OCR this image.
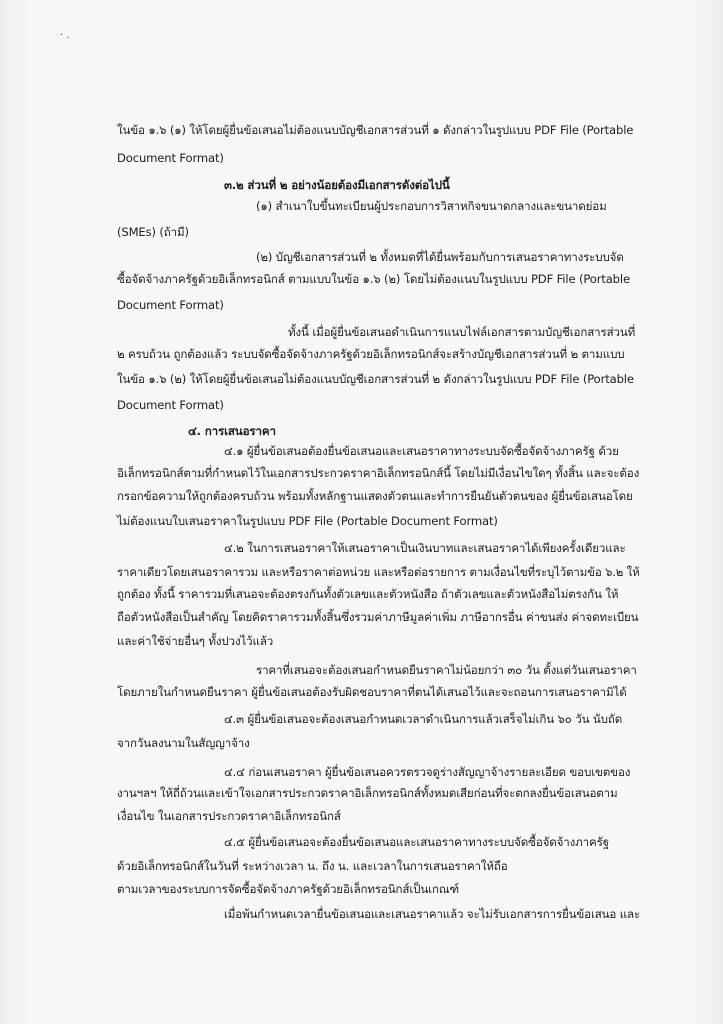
· .
ในข้อ ๑.๖ (๑) ให้โดยผู้ยื่นข้อเสนอไม่ต้องแนบบัญชีเอกสารส่วนที่ ๑ ดังกล่าวในรูปแบบ PDF File (Portable
Document Format)
๓.๒ ส่วนที่ ๒ อย่างน้อยต้องมีเอกสารดังต่อไปนี้
(๑) สำเนาใบขึ้นทะเบียนผู้ประกอบการวิสาหกิจขนาดกลางและขนาดย่อม
(SMEs) (ถ้ามี)
(๒) บัญชีเอกสารส่วนที่ ๒ ทั้งหมดที่ได้ยื่นพร้อมกับการเสนอราคาทางระบบจัด
ซื้อจัดจ้างภาครัฐด้วยอิเล็กทรอนิกส์ ตามแบบในข้อ ๑.๖ (๒) โดยไม่ต้องแนบในรูปแบบ PDF File (Portable
Document Format)
ทั้งนี้ เมื่อผู้ยื่นข้อเสนอดำเนินการแนบไฟล์เอกสารตามบัญชีเอกสารส่วนที่
๒ ครบถ้วน ถูกต้องแล้ว ระบบจัดซื้อจัดจ้างภาครัฐด้วยอิเล็กทรอนิกส์จะสร้างบัญชีเอกสารส่วนที่ ๒ ตามแบบ
ในข้อ ๑.๖ (๒) ให้โดยผู้ยื่นข้อเสนอไม่ต้องแนบบัญชีเอกสารส่วนที่ ๒ ดังกล่าวในรูปแบบ PDF File (Portable
Document Format)
๔. การเสนอราคา
๔.๑ ผู้ยื่นข้อเสนอต้องยื่นข้อเสนอและเสนอราคาทางระบบจัดซื้อจัดจ้างภาครัฐ ด้วย
อิเล็กทรอนิกส์ตามที่กำหนดไว้ในเอกสารประกวดราคาอิเล็กทรอนิกส์นี้ โดยไม่มีเงื่อนไขใดๆ ทั้งสิ้น และจะต้อง
กรอกข้อความให้ถูกต้องครบถ้วน พร้อมทั้งหลักฐานแสดงตัวตนและทำการยืนยันตัวตนของ ผู้ยื่นข้อเสนอโดย
ไม่ต้องแนบใบเสนอราคาในรูปแบบ PDF File (Portable Document Format)
๔.๒ ในการเสนอราคาให้เสนอราคาเป็นเงินบาทและเสนอราคาได้เพียงครั้งเดียวและ
ราคาเดียวโดยเสนอราคารวม และหรือราคาต่อหน่วย และหรือต่อรายการ ตามเงื่อนไขที่ระบุไว้ตามข้อ ๖.๒ ให้
ถูกต้อง ทั้งนี้ ราคารวมที่เสนอจะต้องตรงกันทั้งตัวเลขและตัวหนังสือ ถ้าตัวเลขและตัวหนังสือไม่ตรงกัน ให้
ถือตัวหนังสือเป็นสำคัญ โดยคิดราคารวมทั้งสิ้นซึ่งรวมค่าภาษีมูลค่าเพิ่ม ภาษีอากรอื่น ค่าขนส่ง ค่าจดทะเบียน
และค่าใช้จ่ายอื่นๆ ทั้งปวงไว้แล้ว
ราคาที่เสนอจะต้องเสนอกำหนดยืนราคาไม่น้อยกว่า ๓๐ วัน ตั้งแต่วันเสนอราคา
โดยภายในกำหนดยืนราคา ผู้ยื่นข้อเสนอต้องรับผิดชอบราคาที่ตนได้เสนอไว้และจะถอนการเสนอราคามิได้
๔.๓ ผู้ยื่นข้อเสนอจะต้องเสนอกำหนดเวลาดำเนินการแล้วเสร็จไม่เกิน ๖๐ วัน นับถัด
จากวันลงนามในสัญญาจ้าง
๔.๔ ก่อนเสนอราคา ผู้ยื่นข้อเสนอควรตรวจดูร่างสัญญาจ้างรายละเอียด ขอบเขตของ
งานฯลฯ ให้ถี่ถ้วนและเข้าใจเอกสารประกวดราคาอิเล็กทรอนิกส์ทั้งหมดเสียก่อนที่จะตกลงยื่นข้อเสนอตาม
เงื่อนไข ในเอกสารประกวดราคาอิเล็กทรอนิกส์
๔.๕ ผู้ยื่นข้อเสนอจะต้องยื่นข้อเสนอและเสนอราคาทางระบบจัดซื้อจัดจ้างภาครัฐ
ด้วยอิเล็กทรอนิกส์ในวันที่ ระหว่างเวลา น. ถึง น. และเวลาในการเสนอราคาให้ถือ
ตามเวลาของระบบการจัดซื้อจัดจ้างภาครัฐด้วยอิเล็กทรอนิกส์เป็นเกณฑ์
เมื่อพ้นกำหนดเวลายื่นข้อเสนอและเสนอราคาแล้ว จะไม่รับเอกสารการยื่นข้อเสนอ และ
